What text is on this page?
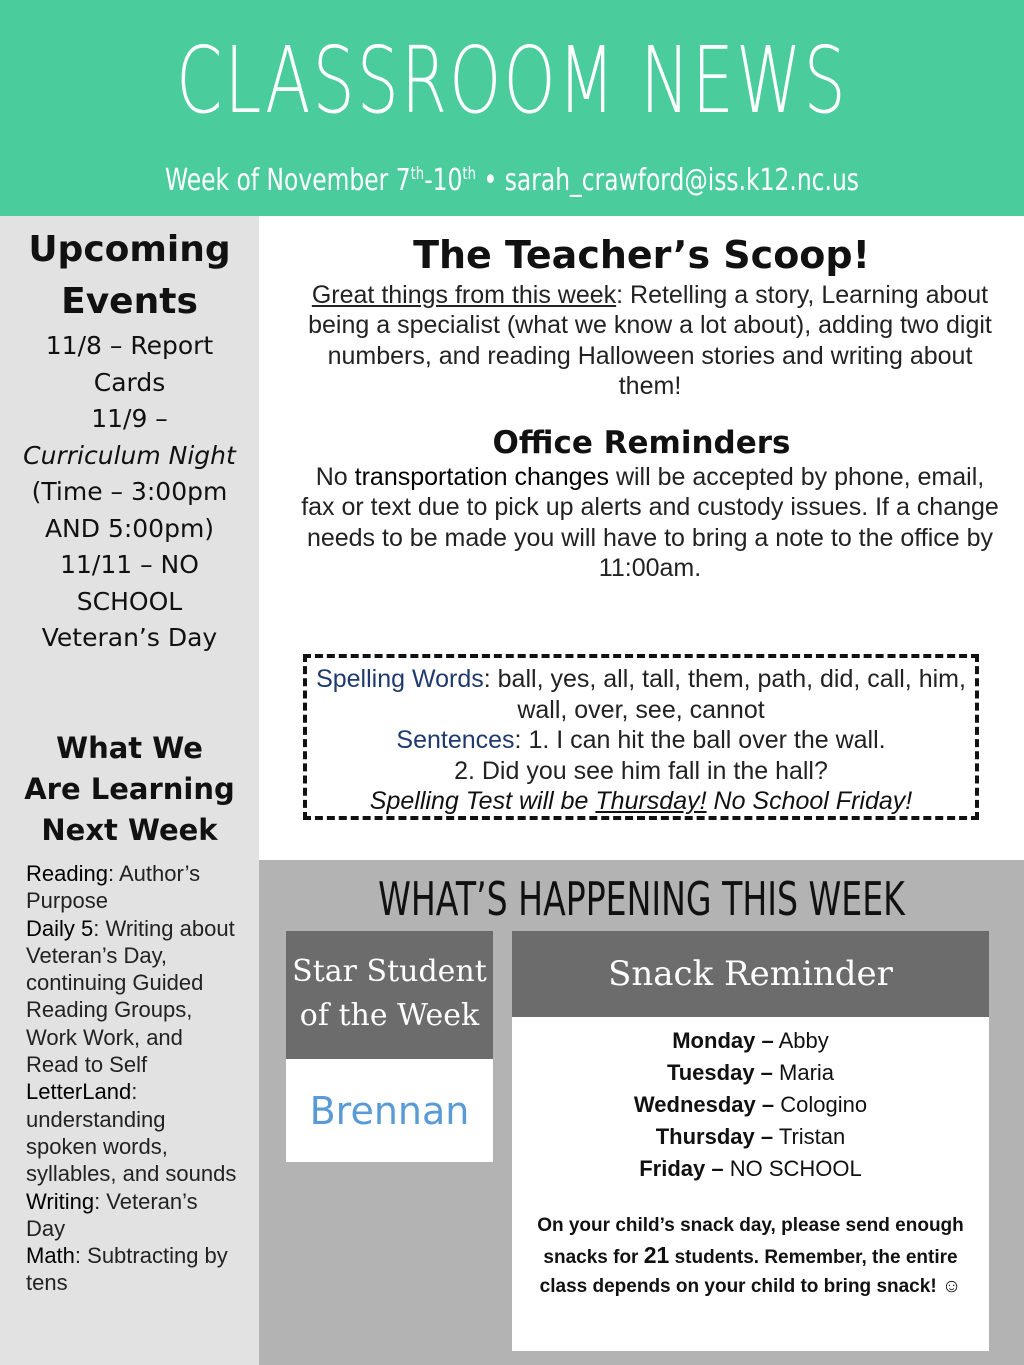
CLASSROOM NEWS
Week of November 7th-10th • sarah_crawford@iss.k12.nc.us
Upcoming
Events
11/8 – Report Cards
11/9 –
Curriculum Night (Time – 3:00pm AND 5:00pm)
11/11 – NO SCHOOL Veteran’s Day
What We
Are Learning
Next Week
Reading: Author’s Purpose
Daily 5: Writing about Veteran’s Day, continuing Guided Reading Groups, Work Work, and Read to Self
LetterLand: understanding spoken words, syllables, and sounds
Writing: Veteran’s Day
Math: Subtracting by tens
The Teacher’s Scoop!
Great things from this week: Retelling a story, Learning about being a specialist (what we know a lot about), adding two digit numbers, and reading Halloween stories and writing about them!
Office Reminders
No transportation changes will be accepted by phone, email, fax or text due to pick up alerts and custody issues. If a change needs to be made you will have to bring a note to the office by 11:00am.
Spelling Words: ball, yes, all, tall, them, path, did, call, him, wall, over, see, cannot
Sentences: 1. I can hit the ball over the wall.
2. Did you see him fall in the hall?
Spelling Test will be Thursday! No School Friday!
WHAT’S HAPPENING THIS WEEK
Star Student
of the Week
Brennan
Snack Reminder
Monday – Abby
Tuesday – Maria
Wednesday – Cologino
Thursday – Tristan
Friday – NO SCHOOL
On your child’s snack day, please send enough snacks for 21 students. Remember, the entire class depends on your child to bring snack! ☺
